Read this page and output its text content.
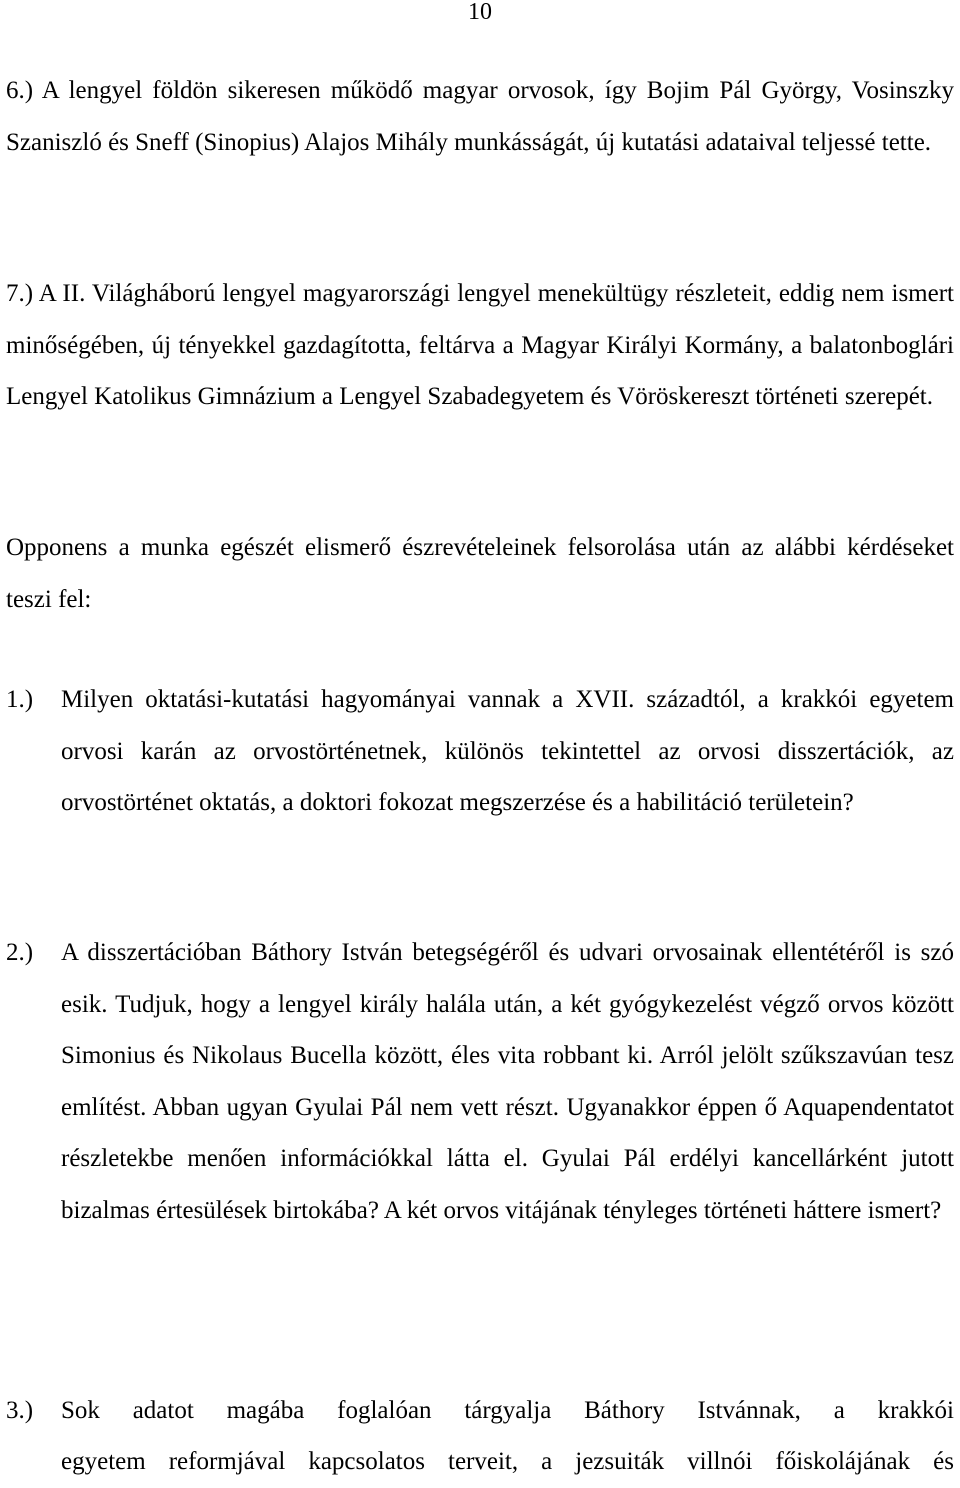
10

6.) A lengyel földön sikeresen működő magyar orvosok, így Bojim Pál György, Vosinszky Szaniszló és Sneff (Sinopius) Alajos Mihály munkásságát, új kutatási adataival teljessé tette.

7.) A II. Világháború lengyel magyarországi lengyel menekültügy részleteit, eddig nem ismert minőségében, új tényekkel gazdagította, feltárva a Magyar Királyi Kormány, a balatonboglári Lengyel Katolikus Gimnázium a Lengyel Szabadegyetem és Vöröskereszt történeti szerepét.

Opponens a munka egészét elismerő észrevételeinek felsorolása után az alábbi kérdéseket teszi fel:

1.) Milyen oktatási-kutatási hagyományai vannak a XVII. századtól, a krakkói egyetem orvosi karán az orvostörténetnek, különös tekintettel az orvosi disszertációk, az orvostörténet oktatás, a doktori fokozat megszerzése és a habilitáció területein?
2.) A disszertációban Báthory István betegségéről és udvari orvosainak ellentétéről is szó esik. Tudjuk, hogy a lengyel király halála után, a két gyógykezelést végző orvos között Simonius és Nikolaus Bucella között, éles vita robbant ki. Arról jelölt szűkszavúan tesz említést. Abban ugyan Gyulai Pál nem vett részt. Ugyanakkor éppen ő Aquapendentatot részletekbe menően információkkal látta el. Gyulai Pál erdélyi kancellárként jutott bizalmas értesülések birtokába? A két orvos vitájának tényleges történeti háttere ismert?
3.) Sok adatot magába foglalóan tárgyalja Báthory Istvánnak, a krakkói
egyetem reformjával kapcsolatos terveit, a jezsuiták villnói főiskolájának és
